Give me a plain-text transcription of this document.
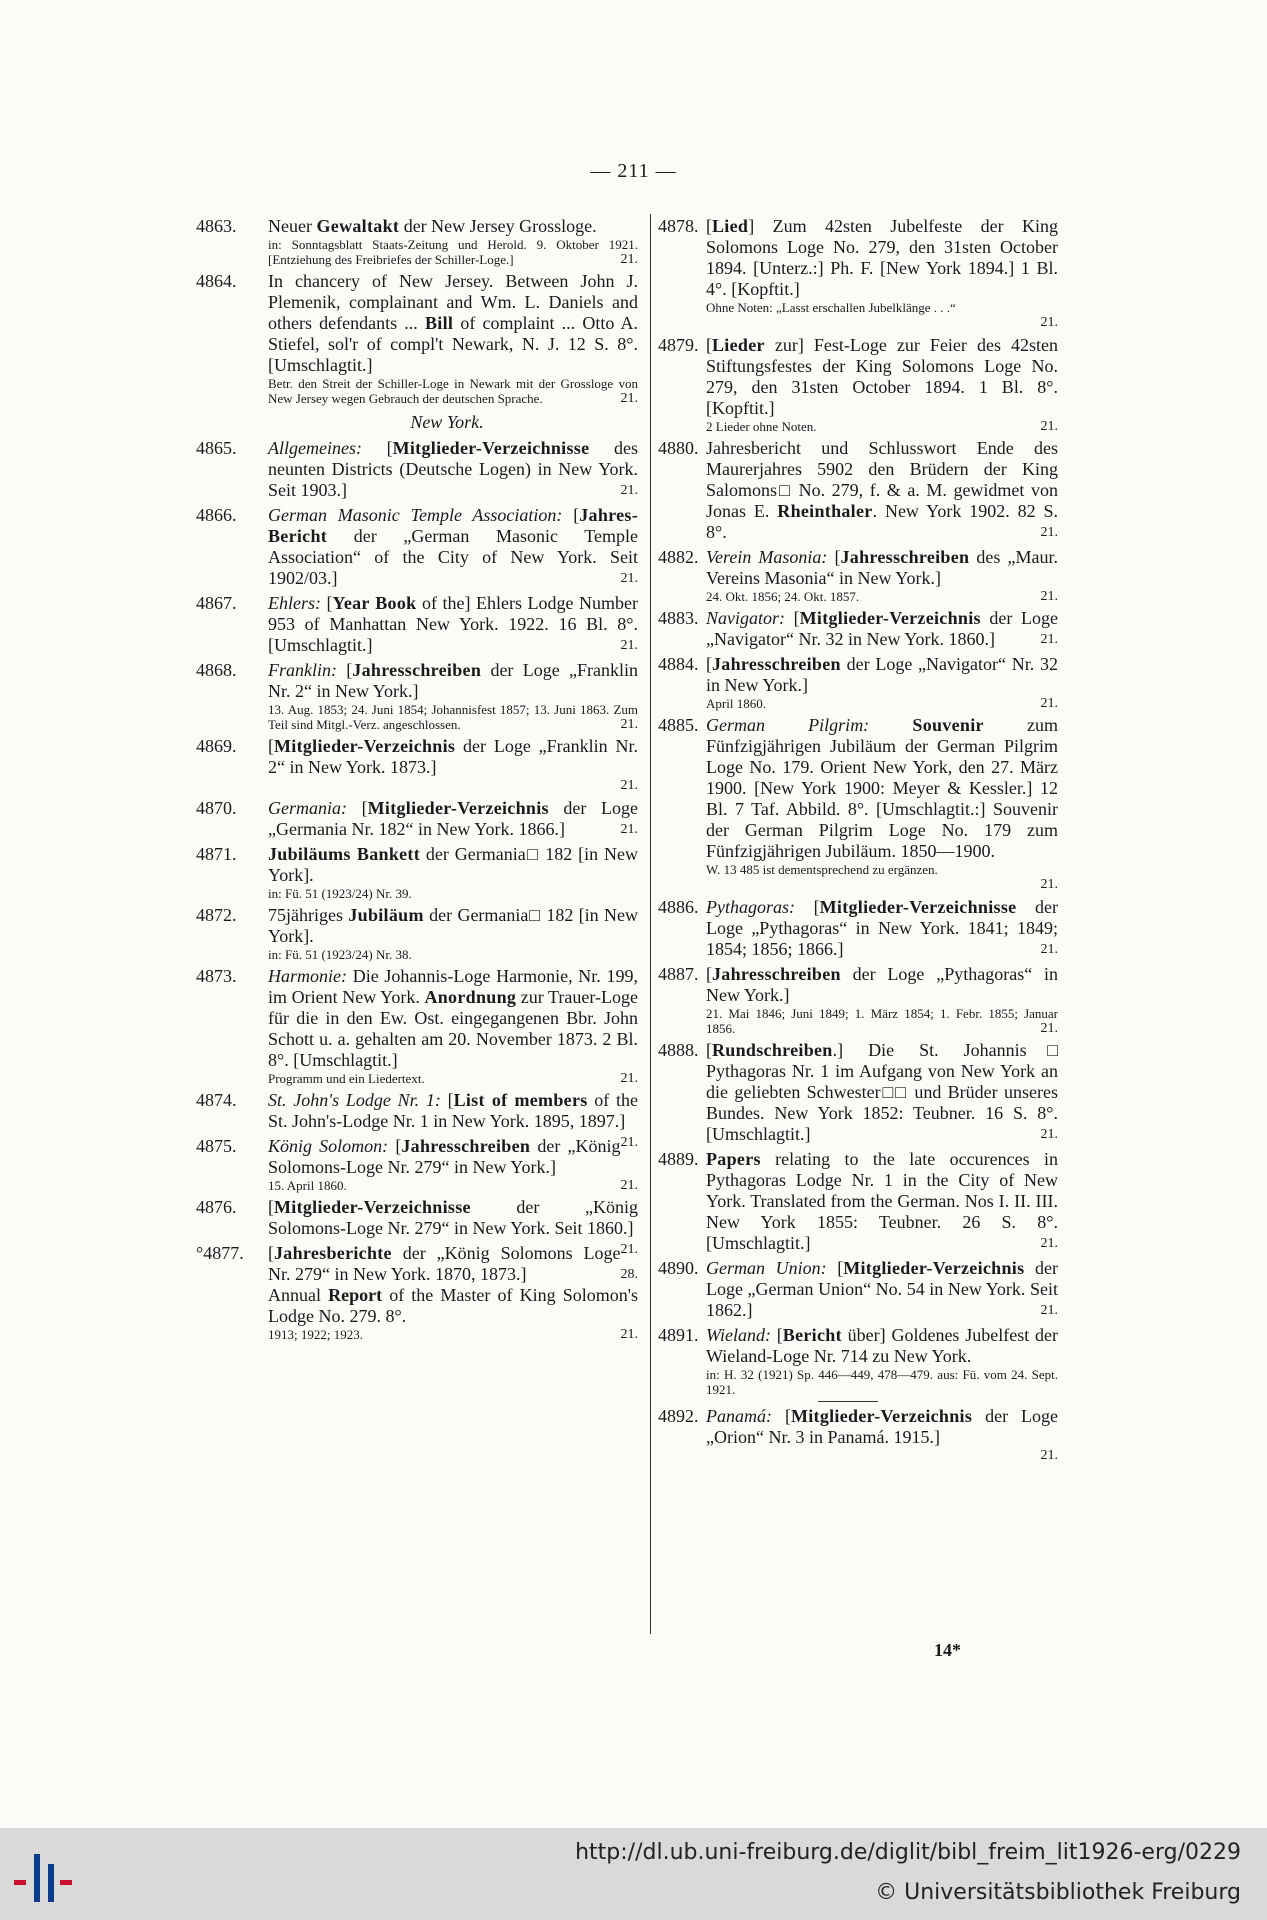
— 211 —
4863. Neuer Gewaltakt der New Jersey Grossloge.
in: Sonntagsblatt Staats-Zeitung und Herold. 9. Oktober 1921. [Entziehung des Freibriefes der Schiller-Loge.]	21.
4864. In chancery of New Jersey. Between John J. Plemenik, complainant and Wm. L. Daniels and others defendants ... Bill of complaint ... Otto A. Stiefel, sol'r of compl't Newark, N. J. 12 S. 8°. [Umschlagtit.]
Betr. den Streit der Schiller-Loge in Newark mit der Grossloge von New Jersey wegen Gebrauch der deutschen Sprache.	21.
New York.
4865. Allgemeines: [Mitglieder-Verzeichnisse des neunten Districts (Deutsche Logen) in New York. Seit 1903.]	21.
4866. German Masonic Temple Association: [Jahres-Bericht der „German Masonic Temple Association“ of the City of New York. Seit 1902/03.]	21.
4867. Ehlers: [Year Book of the] Ehlers Lodge Number 953 of Manhattan New York. 1922. 16 Bl. 8°. [Umschlagtit.]	21.
4868. Franklin: [Jahresschreiben der Loge „Franklin Nr. 2“ in New York.]
13. Aug. 1853; 24. Juni 1854; Johannisfest 1857; 13. Juni 1863. Zum Teil sind Mitgl.-Verz. angeschlossen.	21.
4869. [Mitglieder-Verzeichnis der Loge „Franklin Nr. 2“ in New York. 1873.]
21.
4870. Germania: [Mitglieder-Verzeichnis der Loge „Germania Nr. 182“ in New York. 1866.]	21.
4871. Jubiläums Bankett der Germania□ 182 [in New York].
in: Fü. 51 (1923/24) Nr. 39.
4872. 75jähriges Jubiläum der Germania□ 182 [in New York].
in: Fü. 51 (1923/24) Nr. 38.
4873. Harmonie: Die Johannis-Loge Harmonie, Nr. 199, im Orient New York. Anordnung zur Trauer-Loge für die in den Ew. Ost. eingegangenen Bbr. John Schott u. a. gehalten am 20. November 1873. 2 Bl. 8°. [Umschlagtit.]
Programm und ein Liedertext.	21.
4874. St. John's Lodge Nr. 1: [List of members of the St. John's-Lodge Nr. 1 in New York. 1895, 1897.]
21.
4875. König Solomon: [Jahresschreiben der „König Solomons-Loge Nr. 279“ in New York.]
15. April 1860.	21.
4876. [Mitglieder-Verzeichnisse der „König Solomons-Loge Nr. 279“ in New York. Seit 1860.]
21.
°4877. [Jahresberichte der „König Solomons Loge Nr. 279“ in New York. 1870, 1873.]	28.
Annual Report of the Master of King Solomon's Lodge No. 279. 8°.
1913; 1922; 1923.	21.
4878. [Lied] Zum 42sten Jubelfeste der King Solomons Loge No. 279, den 31sten October 1894. [Unterz.:] Ph. F. [New York 1894.] 1 Bl. 4°. [Kopftit.]
Ohne Noten: „Lasst erschallen Jubelklänge . . .“
21.
4879. [Lieder zur] Fest-Loge zur Feier des 42sten Stiftungsfestes der King Solomons Loge No. 279, den 31sten October 1894. 1 Bl. 8°. [Kopftit.]
2 Lieder ohne Noten.	21.
4880. Jahresbericht und Schlusswort Ende des Maurerjahres 5902 den Brüdern der King Salomons□ No. 279, f. & a. M. gewidmet von Jonas E. Rheinthaler. New York 1902. 82 S. 8°.	21.
4882. Verein Masonia: [Jahresschreiben des „Maur. Vereins Masonia“ in New York.]
24. Okt. 1856; 24. Okt. 1857.	21.
4883. Navigator: [Mitglieder-Verzeichnis der Loge „Navigator“ Nr. 32 in New York. 1860.]	21.
4884. [Jahresschreiben der Loge „Navigator“ Nr. 32 in New York.]
April 1860.	21.
4885. German Pilgrim: Souvenir zum Fünfzigjährigen Jubiläum der German Pilgrim Loge No. 179. Orient New York, den 27. März 1900. [New York 1900: Meyer & Kessler.] 12 Bl. 7 Taf. Abbild. 8°. [Umschlagtit.:] Souvenir der German Pilgrim Loge No. 179 zum Fünfzigjährigen Jubiläum. 1850—1900.
W. 13 485 ist dementsprechend zu ergänzen.
21.
4886. Pythagoras: [Mitglieder-Verzeichnisse der Loge „Pythagoras“ in New York. 1841; 1849; 1854; 1856; 1866.]	21.
4887. [Jahresschreiben der Loge „Pythagoras“ in New York.]
21. Mai 1846; Juni 1849; 1. März 1854; 1. Febr. 1855; Januar 1856.	21.
4888. [Rundschreiben.] Die St. Johannis□ Pythagoras Nr. 1 im Aufgang von New York an die geliebten Schwester□□ und Brüder unseres Bundes. New York 1852: Teubner. 16 S. 8°. [Umschlagtit.]	21.
4889. Papers relating to the late occurences in Pythagoras Lodge Nr. 1 in the City of New York. Translated from the German. Nos I. II. III. New York 1855: Teubner. 26 S. 8°. [Umschlagtit.]	21.
4890. German Union: [Mitglieder-Verzeichnis der Loge „German Union“ No. 54 in New York. Seit 1862.]	21.
4891. Wieland: [Bericht über] Goldenes Jubelfest der Wieland-Loge Nr. 714 zu New York.
in: H. 32 (1921) Sp. 446—449, 478—479. aus: Fü. vom 24. Sept. 1921.
4892. Panamá: [Mitglieder-Verzeichnis der Loge „Orion“ Nr. 3 in Panamá. 1915.]
21.
14*
http://dl.ub.uni-freiburg.de/diglit/bibl_freim_lit1926-erg/0229
© Universitätsbibliothek Freiburg
